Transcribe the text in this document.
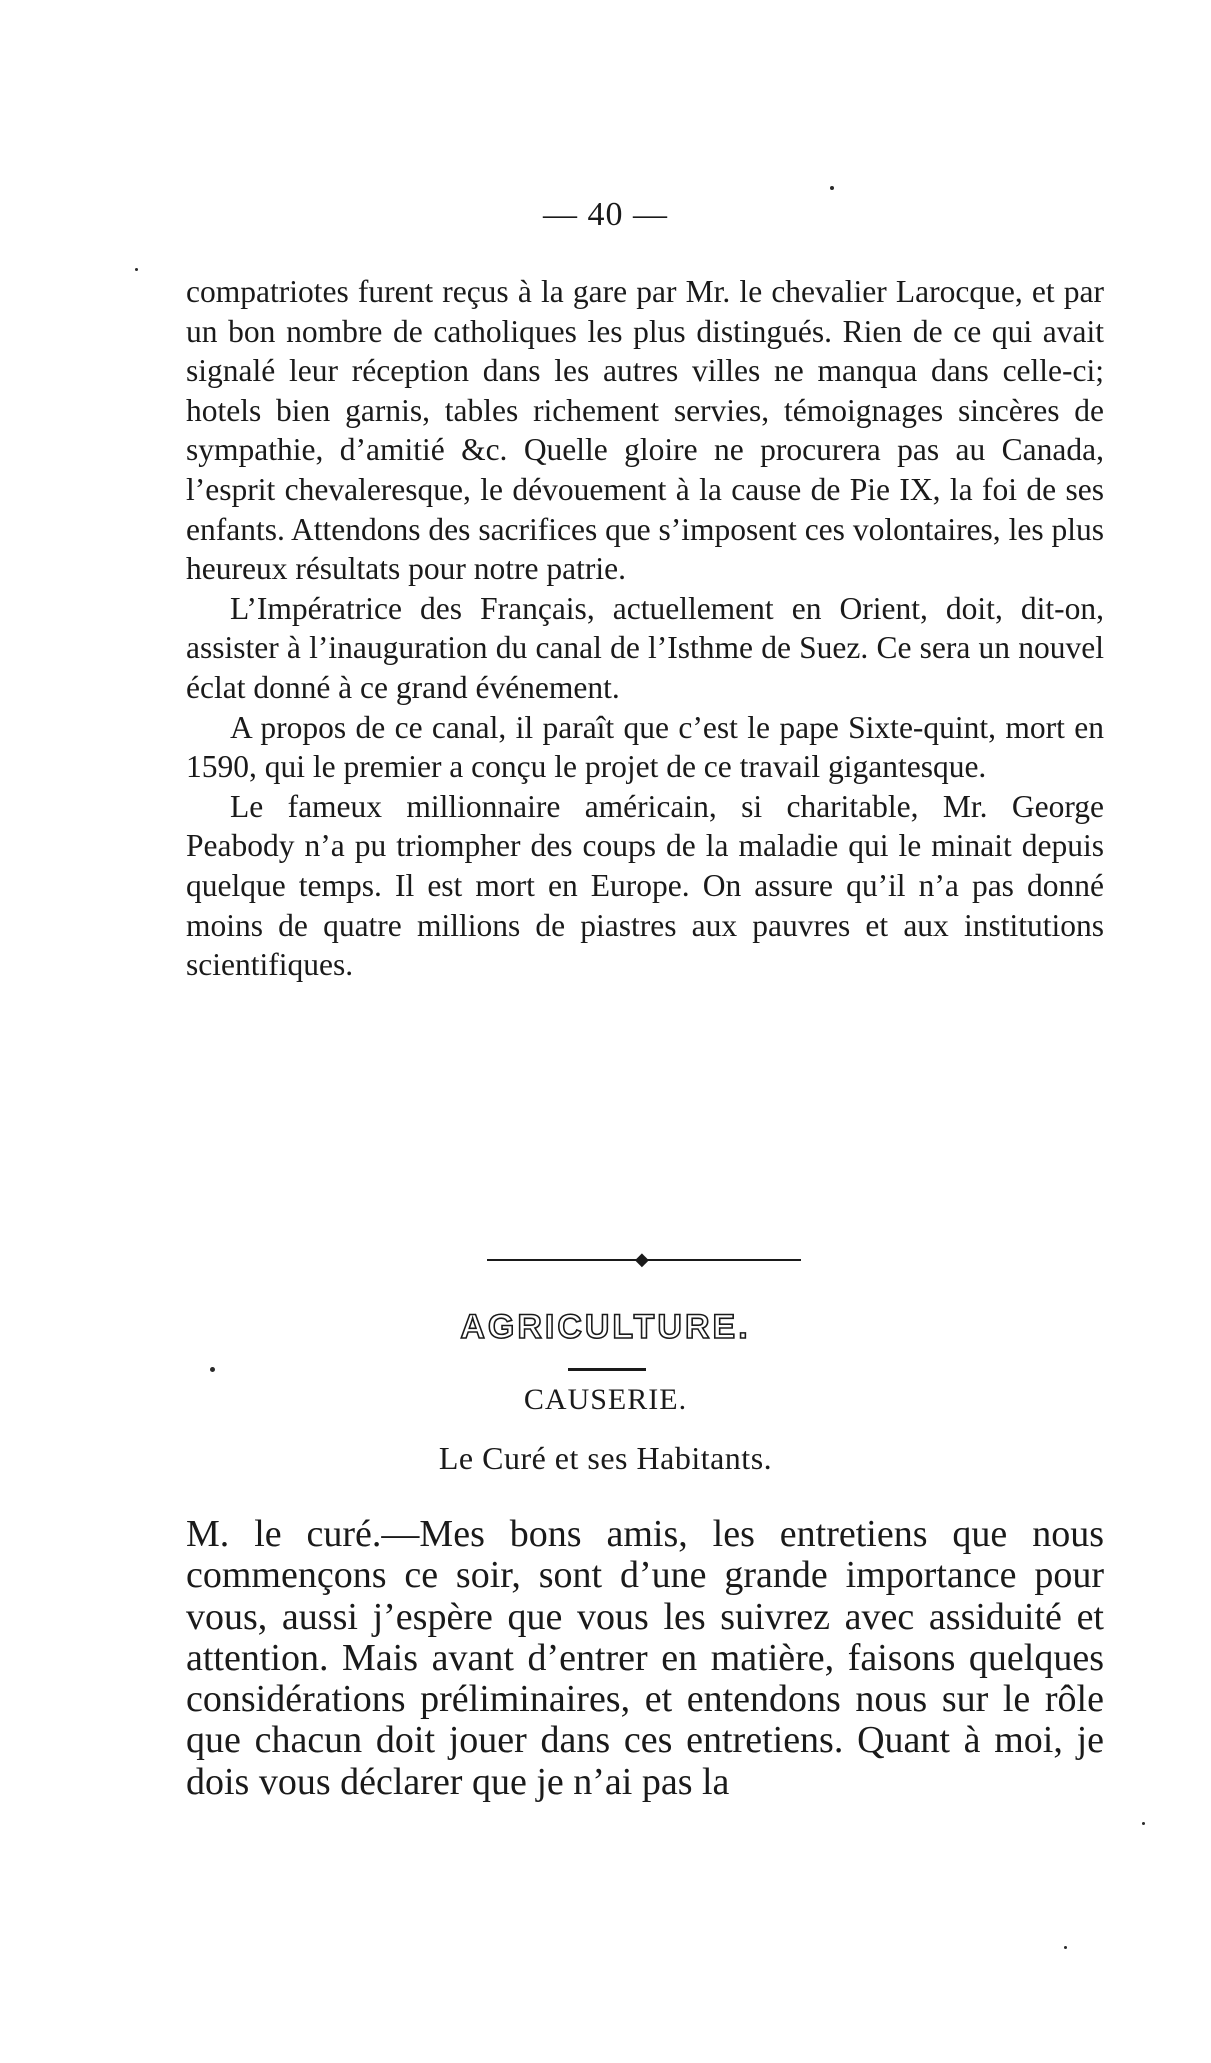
— 40 —

compatriotes furent reçus à la gare par Mr. le chevalier Larocque, et par un bon nombre de catholiques les plus distingués. Rien de ce qui avait signalé leur réception dans les autres villes ne manqua dans celle-ci; hotels bien garnis, tables richement servies, témoignages sincères de sympathie, d’amitié &c. Quelle gloire ne procurera pas au Canada, l’esprit chevaleresque, le dévouement à la cause de Pie IX, la foi de ses enfants. Attendons des sacrifices que s’imposent ces volontaires, les plus heureux résultats pour notre patrie.

L’Impératrice des Français, actuellement en Orient, doit, dit-on, assister à l’inauguration du canal de l’Isthme de Suez. Ce sera un nouvel éclat donné à ce grand événement.

A propos de ce canal, il paraît que c’est le pape Sixte-quint, mort en 1590, qui le premier a conçu le projet de ce travail gigantesque.

Le fameux millionnaire américain, si charitable, Mr. George Peabody n’a pu triompher des coups de la maladie qui le minait depuis quelque temps. Il est mort en Europe. On assure qu’il n’a pas donné moins de quatre millions de piastres aux pauvres et aux institutions scientifiques.

◆
AGRICULTURE.
CAUSERIE.
Le Curé et ses Habitants.

M. le curé.—Mes bons amis, les entretiens que nous commençons ce soir, sont d’une grande importance pour vous, aussi j’espère que vous les suivrez avec assiduité et attention. Mais avant d’entrer en matière, faisons quelques considérations préliminaires, et entendons nous sur le rôle que chacun doit jouer dans ces entretiens. Quant à moi, je dois vous déclarer que je n’ai pas la
